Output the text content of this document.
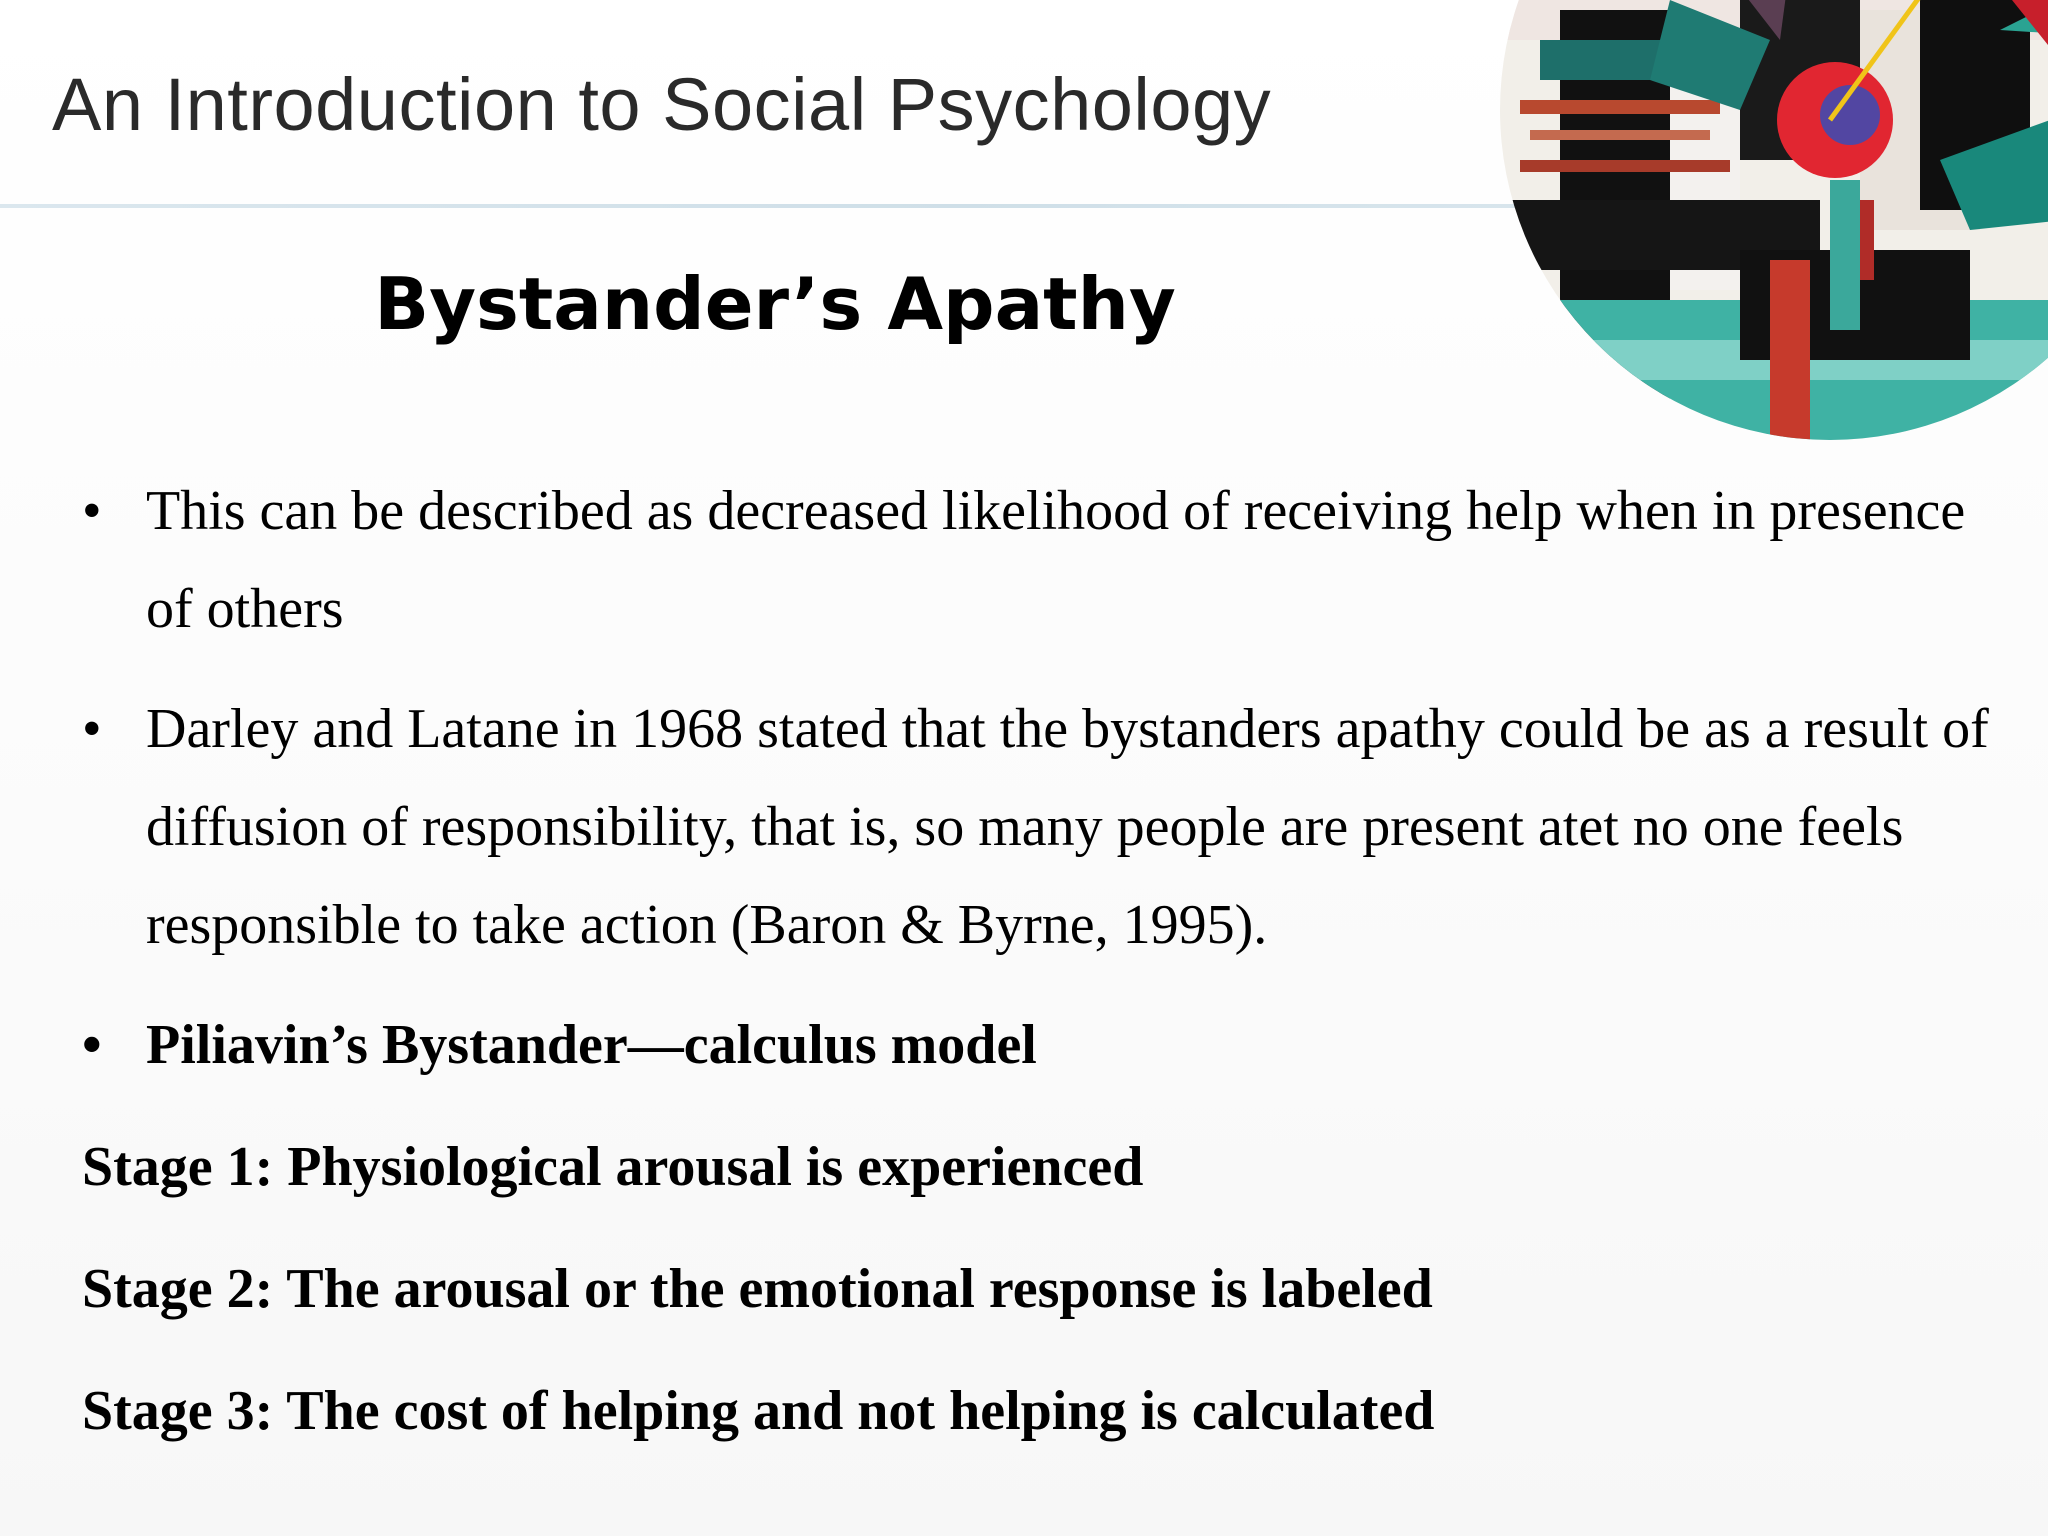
An Introduction to Social Psychology
Bystander’s Apathy
• This can be described as decreased likelihood of receiving help when in presence of others
• Darley and Latane in 1968 stated that the bystanders apathy could be as a result of diffusion of responsibility, that is, so many people are present atet no one feels responsible to take action (Baron & Byrne, 1995).
• Piliavin’s Bystander—calculus model
Stage 1: Physiological arousal is experienced
Stage 2: The arousal or the emotional response is labeled
Stage 3: The cost of helping and not helping is calculated
